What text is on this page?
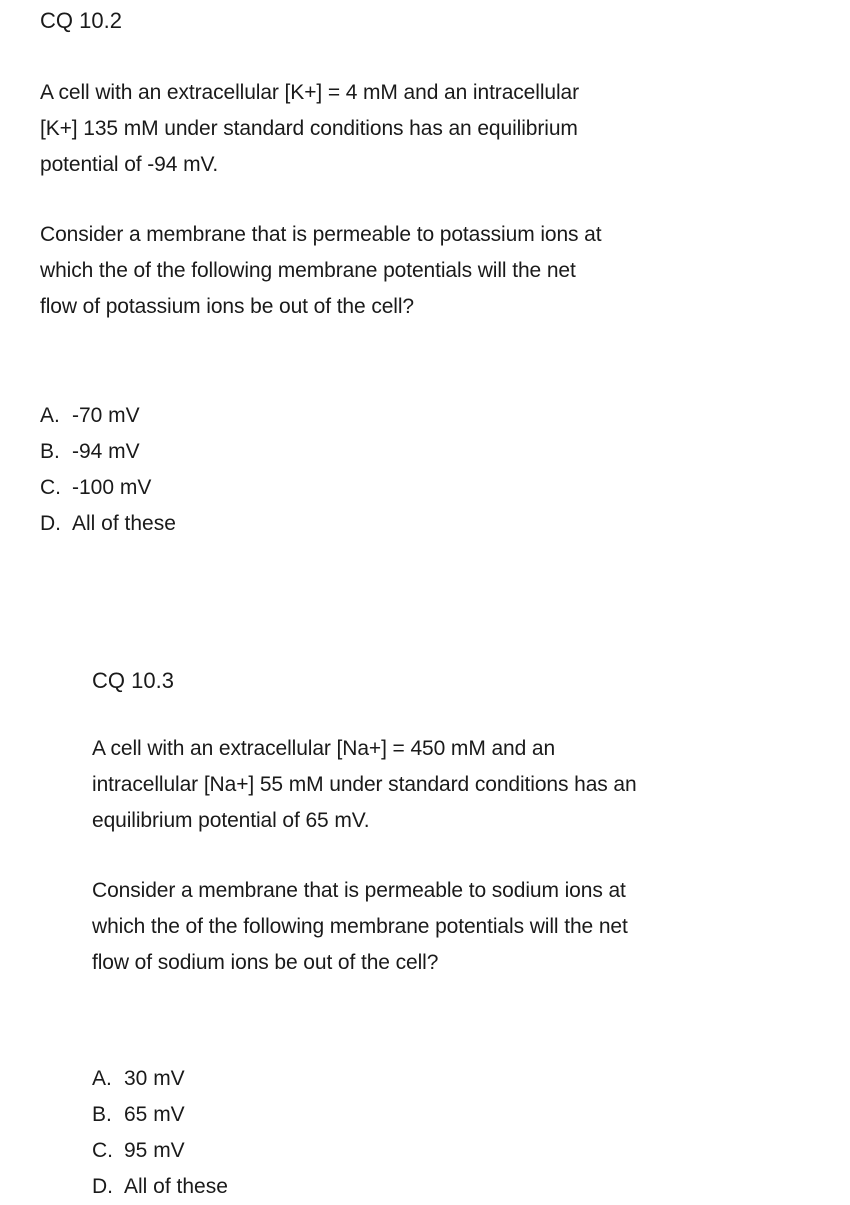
CQ 10.2

A cell with an extracellular [K+] = 4 mM and an intracellular
[K+] 135 mM under standard conditions has an equilibrium
potential of -94 mV.

Consider a membrane that is permeable to potassium ions at
which the of the following membrane potentials will the net
flow of potassium ions be out of the cell?

A. -70 mV
B. -94 mV
C. -100 mV
D. All of these
CQ 10.3

A cell with an extracellular [Na+] = 450 mM and an
intracellular [Na+] 55 mM under standard conditions has an
equilibrium potential of 65 mV.

Consider a membrane that is permeable to sodium ions at
which the of the following membrane potentials will the net
flow of sodium ions be out of the cell?

A. 30 mV
B. 65 mV
C. 95 mV
D. All of these
